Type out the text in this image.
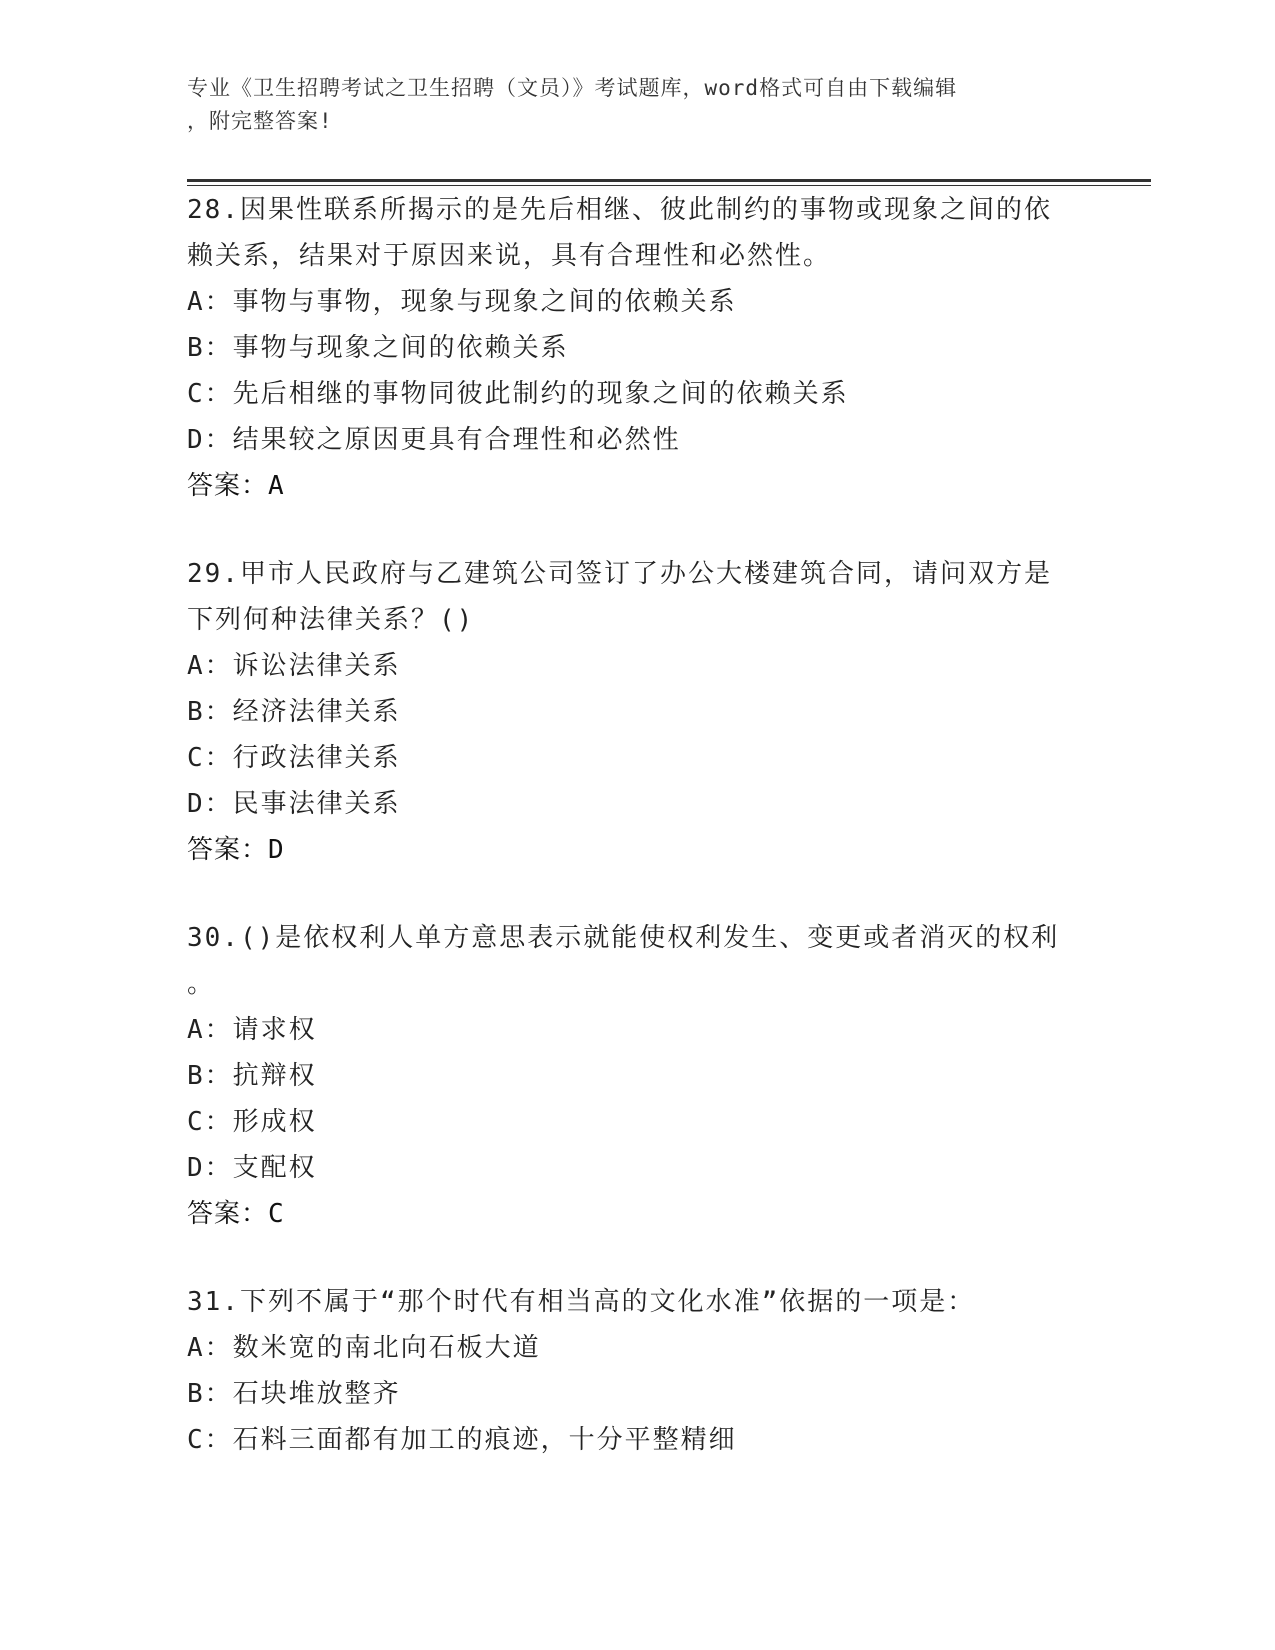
专业《卫生招聘考试之卫生招聘（文员）》考试题库，word格式可自由下载编辑
，附完整答案!
28.因果性联系所揭示的是先后相继、彼此制约的事物或现象之间的依
赖关系，结果对于原因来说，具有合理性和必然性。
A：事物与事物，现象与现象之间的依赖关系
B：事物与现象之间的依赖关系
C：先后相继的事物同彼此制约的现象之间的依赖关系
D：结果较之原因更具有合理性和必然性
答案：A
29.甲市人民政府与乙建筑公司签订了办公大楼建筑合同，请问双方是
下列何种法律关系？()
A：诉讼法律关系
B：经济法律关系
C：行政法律关系
D：民事法律关系
答案：D
30.()是依权利人单方意思表示就能使权利发生、变更或者消灭的权利
。
A：请求权
B：抗辩权
C：形成权
D：支配权
答案：C
31.下列不属于“那个时代有相当高的文化水准”依据的一项是：
A：数米宽的南北向石板大道
B：石块堆放整齐
C：石料三面都有加工的痕迹，十分平整精细
